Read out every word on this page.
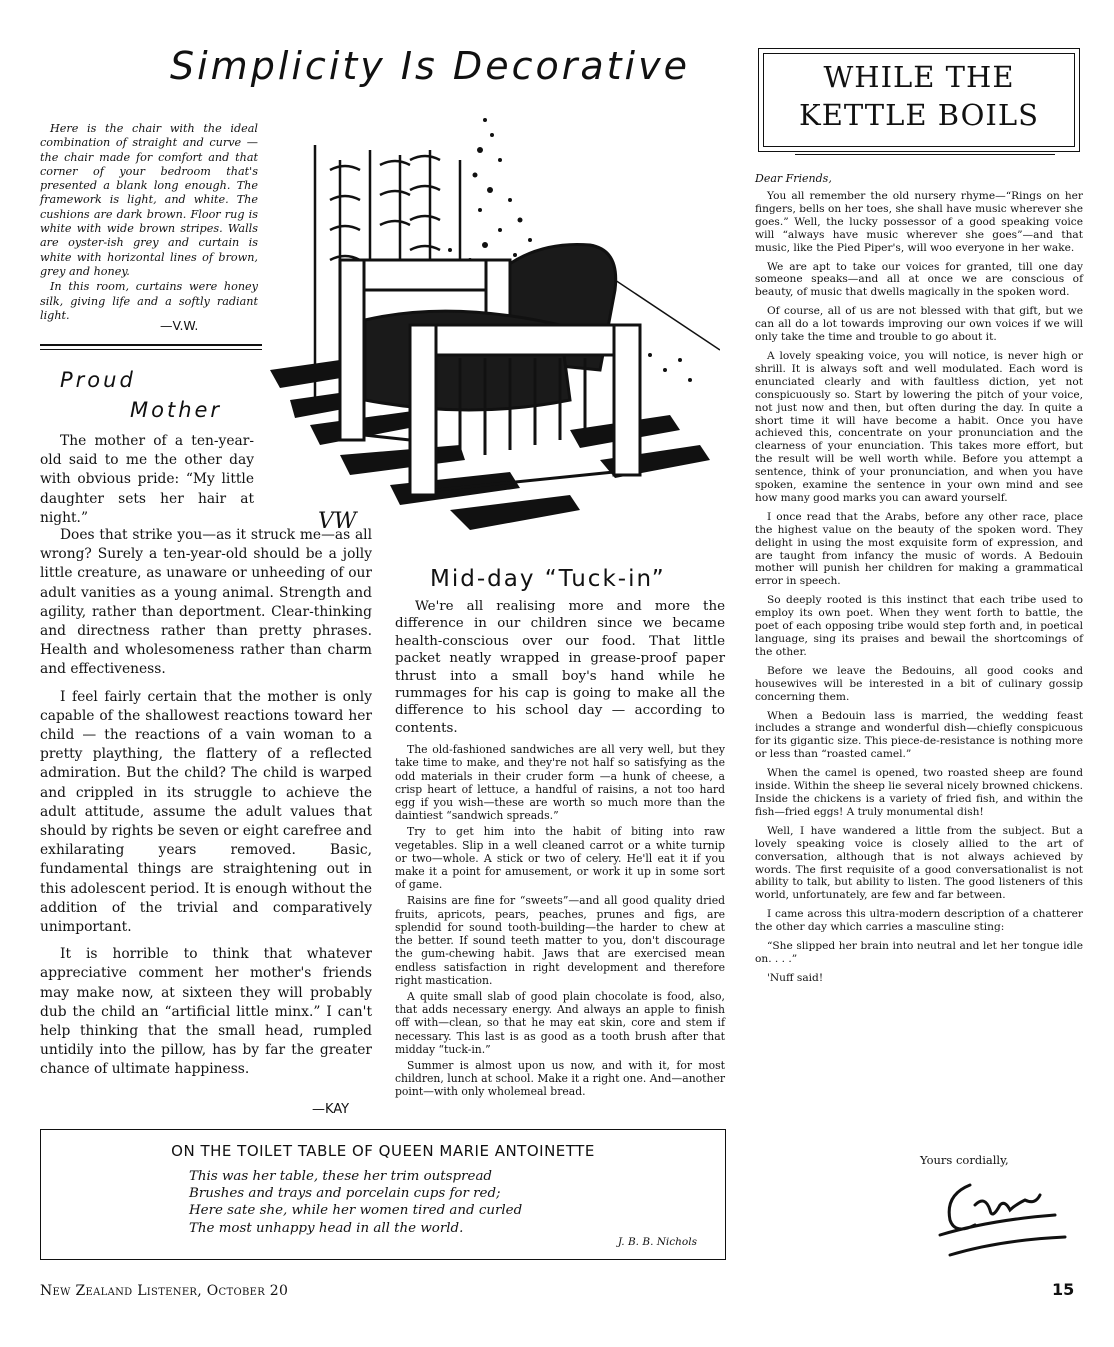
Simplicity Is Decorative

Here is the chair with the ideal combination of straight and curve —the chair made for comfort and that corner of your bedroom that's presented a blank long enough. The framework is light, and white. The cushions are dark brown. Floor rug is white with wide brown stripes. Walls are oyster-ish grey and curtain is white with horizontal lines of brown, grey and honey.

In this room, curtains were honey silk, giving life and a softly radiant light.

—V.W.
Proud
Mother

The mother of a ten-year-old said to me the other day with obvious pride: “My little daughter sets her hair at night.”

Does that strike you—as it struck me—as all wrong? Surely a ten-year-old should be a jolly little creature, as unaware or unheeding of our adult vanities as a young animal. Strength and agility, rather than deportment. Clear-thinking and directness rather than pretty phrases. Health and wholesomeness rather than charm and effectiveness.

I feel fairly certain that the mother is only capable of the shallowest reactions toward her child — the reactions of a vain woman to a pretty plaything, the flattery of a reflected admiration. But the child? The child is warped and crippled in its struggle to achieve the adult attitude, assume the adult values that should by rights be seven or eight carefree and exhilarating years removed. Basic, fundamental things are straightening out in this adolescent period. It is enough without the addition of the trivial and comparatively unimportant.

It is horrible to think that whatever appreciative comment her mother's friends may make now, at sixteen they will probably dub the child an “artificial little minx.” I can't help thinking that the small head, rumpled untidily into the pillow, has by far the greater chance of ultimate happiness.

—KAY
VW
Mid-day “Tuck-in”

We're all realising more and more the difference in our children since we became health-conscious over our food. That little packet neatly wrapped in grease-proof paper thrust into a small boy's hand while he rummages for his cap is going to make all the difference to his school day — according to contents.

The old-fashioned sandwiches are all very well, but they take time to make, and they're not half so satisfying as the odd materials in their cruder form —a hunk of cheese, a crisp heart of lettuce, a handful of raisins, a not too hard egg if you wish—these are worth so much more than the daintiest “sandwich spreads.”

Try to get him into the habit of biting into raw vegetables. Slip in a well cleaned carrot or a white turnip or two—whole. A stick or two of celery. He'll eat it if you make it a point for amusement, or work it up in some sort of game.

Raisins are fine for “sweets”—and all good quality dried fruits, apricots, pears, peaches, prunes and figs, are splendid for sound tooth-building—the harder to chew at the better. If sound teeth matter to you, don't discourage the gum-chewing habit. Jaws that are exercised mean endless satisfaction in right development and therefore right mastication.

A quite small slab of good plain chocolate is food, also, that adds necessary energy. And always an apple to finish off with—clean, so that he may eat skin, core and stem if necessary. This last is as good as a tooth brush after that midday “tuck-in.”

Summer is almost upon us now, and with it, for most children, lunch at school. Make it a right one. And—another point—with only wholemeal bread.

WHILE THE
KETTLE BOILS
Dear Friends,

You all remember the old nursery rhyme—“Rings on her fingers, bells on her toes, she shall have music wherever she goes.” Well, the lucky possessor of a good speaking voice will “always have music wherever she goes”—and that music, like the Pied Piper's, will woo everyone in her wake.

We are apt to take our voices for granted, till one day someone speaks—and all at once we are conscious of beauty, of music that dwells magically in the spoken word.

Of course, all of us are not blessed with that gift, but we can all do a lot towards improving our own voices if we will only take the time and trouble to go about it.

A lovely speaking voice, you will notice, is never high or shrill. It is always soft and well modulated. Each word is enunciated clearly and with faultless diction, yet not conspicuously so. Start by lowering the pitch of your voice, not just now and then, but often during the day. In quite a short time it will have become a habit. Once you have achieved this, concentrate on your pronunciation and the clearness of your enunciation. This takes more effort, but the result will be well worth while. Before you attempt a sentence, think of your pronunciation, and when you have spoken, examine the sentence in your own mind and see how many good marks you can award yourself.

I once read that the Arabs, before any other race, place the highest value on the beauty of the spoken word. They delight in using the most exquisite form of expression, and are taught from infancy the music of words. A Bedouin mother will punish her children for making a grammatical error in speech.

So deeply rooted is this instinct that each tribe used to employ its own poet. When they went forth to battle, the poet of each opposing tribe would step forth and, in poetical language, sing its praises and bewail the shortcomings of the other.

Before we leave the Bedouins, all good cooks and housewives will be interested in a bit of culinary gossip concerning them.

When a Bedouin lass is married, the wedding feast includes a strange and wonderful dish—chiefly conspicuous for its gigantic size. This piece-de-resistance is nothing more or less than “roasted camel.”

When the camel is opened, two roasted sheep are found inside. Within the sheep lie several nicely browned chickens. Inside the chickens is a variety of fried fish, and within the fish—fried eggs! A truly monumental dish!

Well, I have wandered a little from the subject. But a lovely speaking voice is closely allied to the art of conversation, although that is not always achieved by words. The first requisite of a good conversationalist is not ability to talk, but ability to listen. The good listeners of this world, unfortunately, are few and far between.

I came across this ultra-modern description of a chatterer the other day which carries a masculine sting:

“She slipped her brain into neutral and let her tongue idle on. . . .”

'Nuff said!

Yours cordially,
ON THE TOILET TABLE OF QUEEN MARIE ANTOINETTE
This was her table, these her trim outspread
Brushes and trays and porcelain cups for red;
Here sate she, while her women tired and curled
The most unhappy head in all the world.
J. B. B. Nichols
New Zealand Listener, October 20	15
